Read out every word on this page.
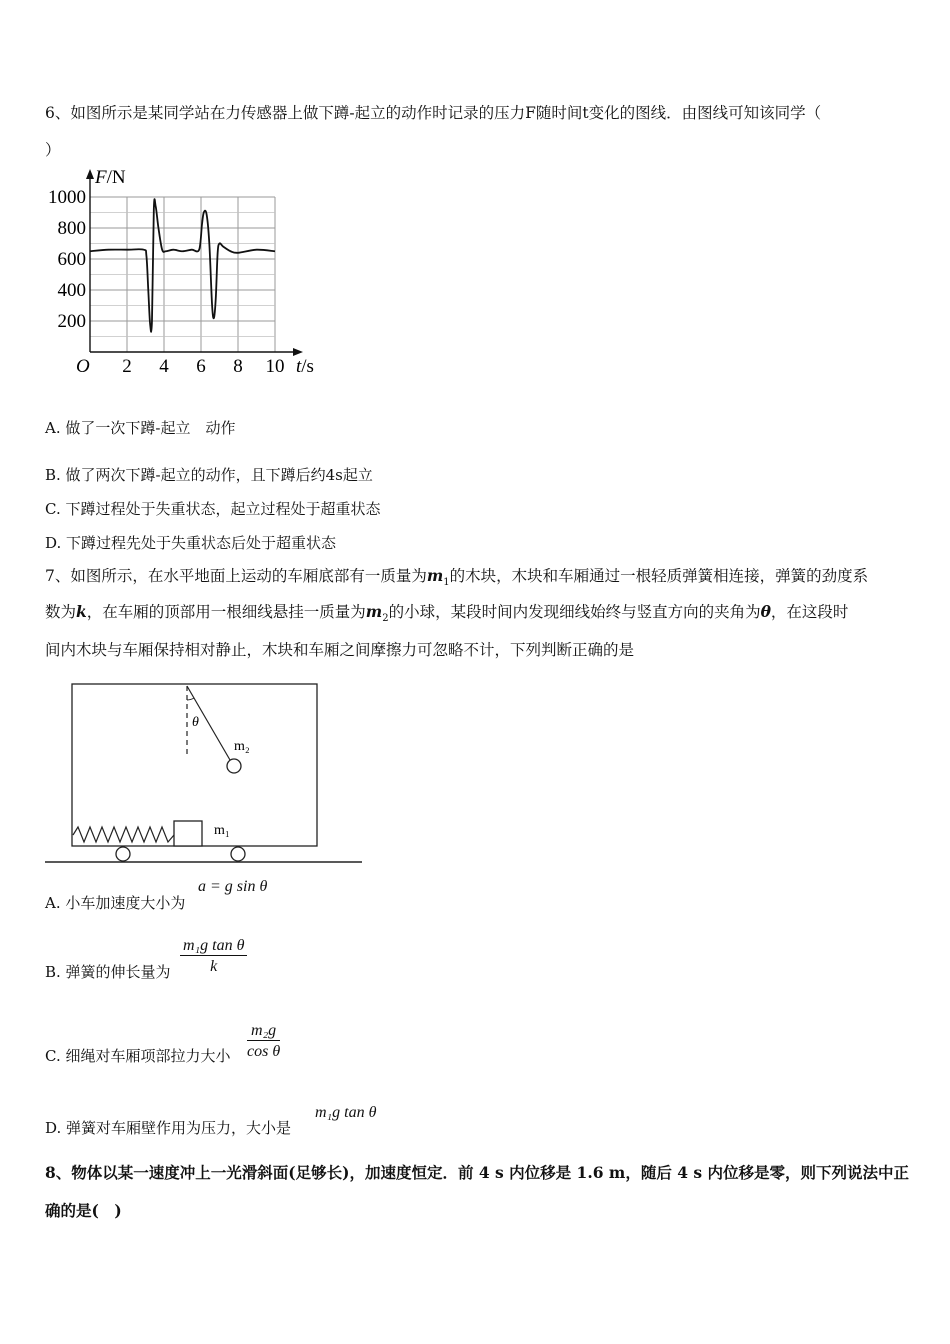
6、如图所示是某同学站在力传感器上做下蹲-起立的动作时记录的压力F随时间t变化的图线．由图线可知该同学（
）
2 4 6 8 10
200
400
600
800
1000
F/N
t/s
O
A. 做了一次下蹲-起立　动作
B. 做了两次下蹲-起立的动作，且下蹲后约4s起立
C. 下蹲过程处于失重状态，起立过程处于超重状态
D. 下蹲过程先处于失重状态后处于超重状态
7、如图所示，在水平地面上运动的车厢底部有一质量为$m_1$的木块，木块和车厢通过一根轻质弹簧相连接，弹簧的劲度系
数为k，在车厢的顶部用一根细线悬挂一质量为$m_2$的小球，某段时间内发现细线始终与竖直方向的夹角为θ，在这段时
间内木块与车厢保持相对静止，木块和车厢之间摩擦力可忽略不计，下列判断正确的是
θ
m₂
m₁
A. 小车加速度大小为
a = g sin θ
B. 弹簧的伸长量为 $\frac{\text{m₁g tan θ}}{k}$
C. 细绳对车厢项部拉力大小 $\frac{\text{m₂g}}{\text{cos θ}}$
D. 弹簧对车厢壁作用为压力，大小是
m₁g tan θ
8、物体以某一速度冲上一光滑斜面(足够长)，加速度恒定．前 4 s 内位移是 1.6 m，随后 4 s 内位移是零，则下列说法中正
确的是(　)
